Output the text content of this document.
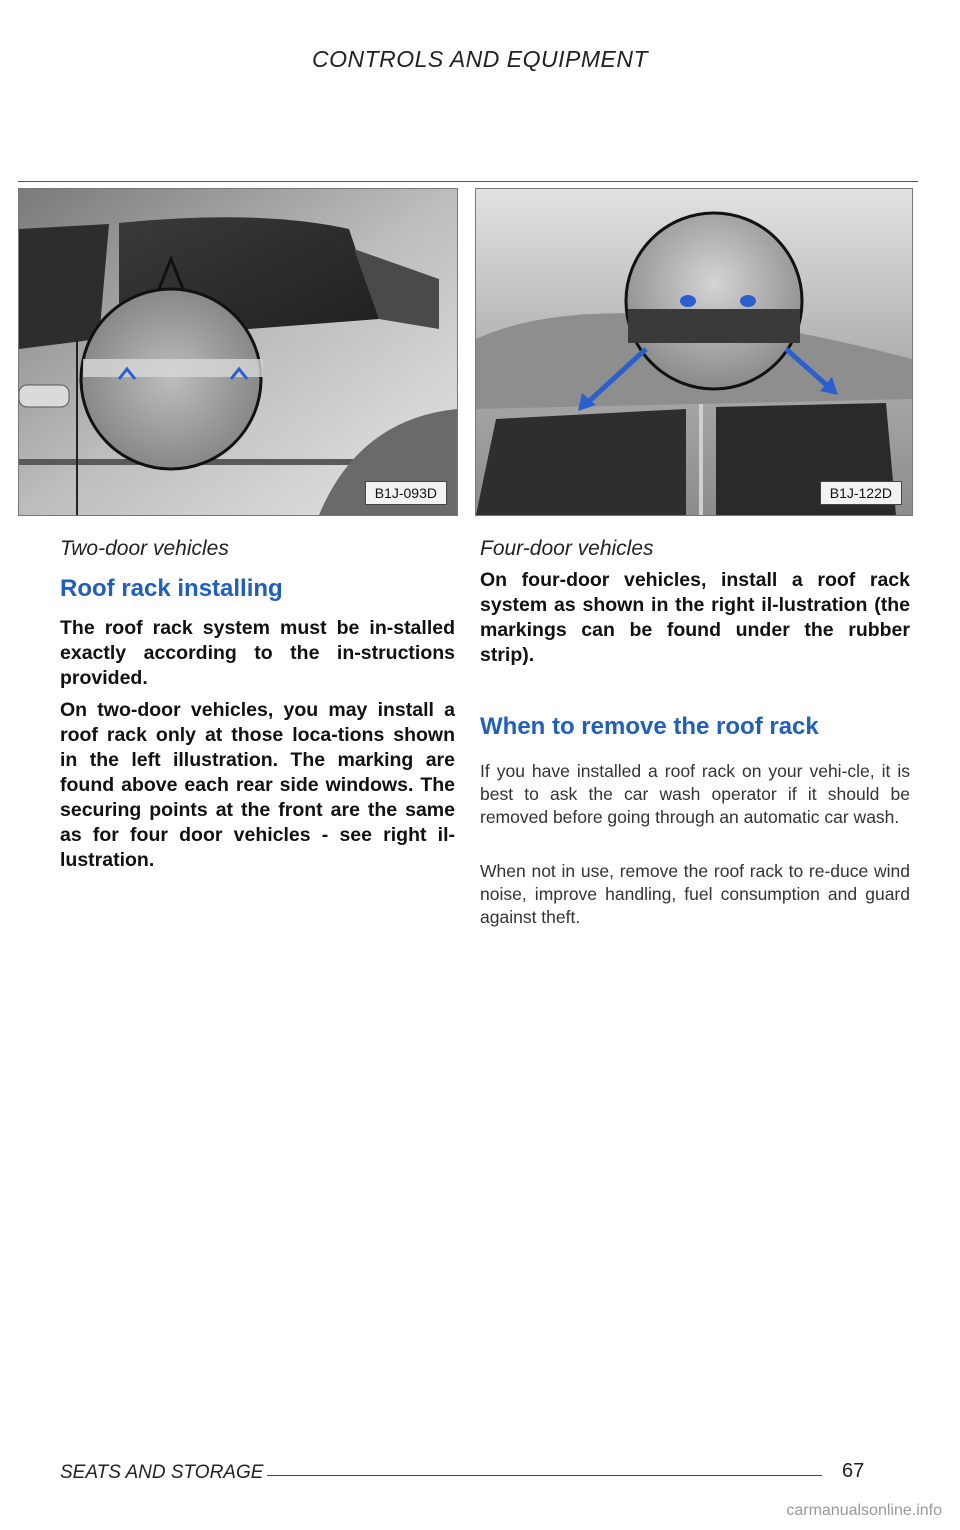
CONTROLS AND EQUIPMENT
B1J-093D
Two-door vehicles
B1J-122D
Four-door vehicles
Roof rack installing
The roof rack system must be in-stalled exactly according to the in-structions provided.
On two-door vehicles, you may install a roof rack only at those loca-tions shown in the left illustration. The marking are found above each rear side windows. The securing points at the front are the same as for four door vehicles - see right il-lustration.
On four-door vehicles, install a roof rack system as shown in the right il-lustration (the markings can be found under the rubber strip).
When to remove the roof rack
If you have installed a roof rack on your vehi-cle, it is best to ask the car wash operator if it should be removed before going through an automatic car wash.
When not in use, remove the roof rack to re-duce wind noise, improve handling, fuel consumption and guard against theft.
SEATS AND STORAGE	67
carmanualsonline.info
